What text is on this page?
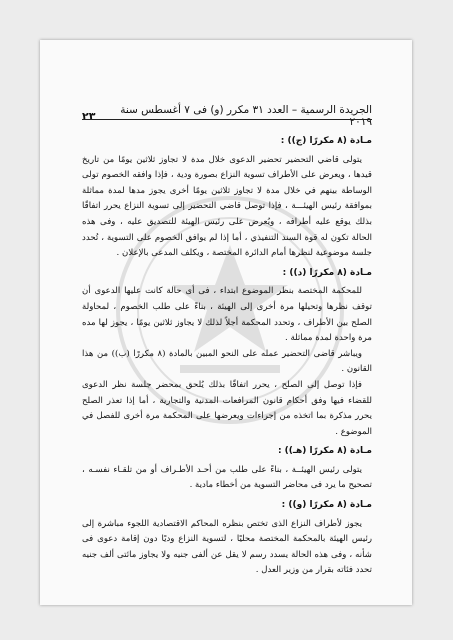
الجريدة الرسمية – العدد ٣١ مكرر (و) فى ٧ أغسطس سنة ٢٠١٩
٢٣
مـادة (٨ مكررًا (ج)) :

يتولى قاضي التحضير تحضير الدعوى خلال مدة لا تجاوز ثلاثين يومًا من تاريخ قيدها ، ويعرض على الأطراف تسوية النزاع بصورة ودية ، فإذا وافقه الخصوم تولى الوساطة بينهم في خلال مدة لا تجاوز ثلاثين يومًا أخرى يجوز مدها لمدة مماثلة بموافقة رئيس الهيئـــة ، فإذا توصل قاضي التحضير إلى تسوية النزاع يحرر اتفاقًا بذلك يوقع عليه أطرافه ، ويُعرض على رئيس الهيئة للتصديق عليه ، وفى هذه الحالة تكون له قوة السند التنفيذي ، أما إذا لم يوافق الخصوم على التسوية ، تُحدد جلسة موضوعية لنظرها أمام الدائرة المختصة ، ويكلف المدعى بالإعلان .

مـادة (٨ مكررًا (د)) :

للمحكمة المختصة بنظر الموضوع ابتداء ، فى أى حالة كانت عليها الدعوى أن توقف نظرها وتحيلها مرة أخرى إلى الهيئة ، بناءً على طلب الخصوم ، لمحاولة الصلح بين الأطراف ، وتحدد المحكمة أجلاً لذلك لا يجاوز ثلاثين يومًا ، يجوز لها مده مرة واحدة لمدة مماثلة .

ويباشر قاضى التحضير عمله على النحو المبين بالمادة (٨ مكررًا (ب)) من هذا القانون .

فإذا توصل إلى الصلح ، يحرر اتفاقًا بذلك يُلحق بمحضر جلسة نظر الدعوى للقضاء فيها وفق أحكام قانون المرافعات المدنية والتجارية ، أما إذا تعذر الصلح يحرر مذكرة بما اتخذه من إجراءات ويعرضها على المحكمة مرة أخرى للفصل في الموضوع .

مـادة (٨ مكررًا (هـ)) :

يتولى رئيس الهيئــة ، بناءً على طلب من أحـد الأطـراف أو من تلقـاء نفسـه ، تصحيح ما يرد فى محاضر التسوية من أخطاء مادية .

مـادة (٨ مكررًا (و)) :

يجوز لأطراف النزاع الذى تختص بنظره المحاكم الاقتصادية اللجوء مباشرة إلى رئيس الهيئة بالمحكمة المختصة محليًا ، لتسوية النزاع وديًا دون إقامة دعوى فى شأنه ، وفى هذه الحالة يسدد رسم لا يقل عن ألفى جنيه ولا يجاوز مائتى ألف جنيه تحدد فئاته بقرار من وزير العدل .
